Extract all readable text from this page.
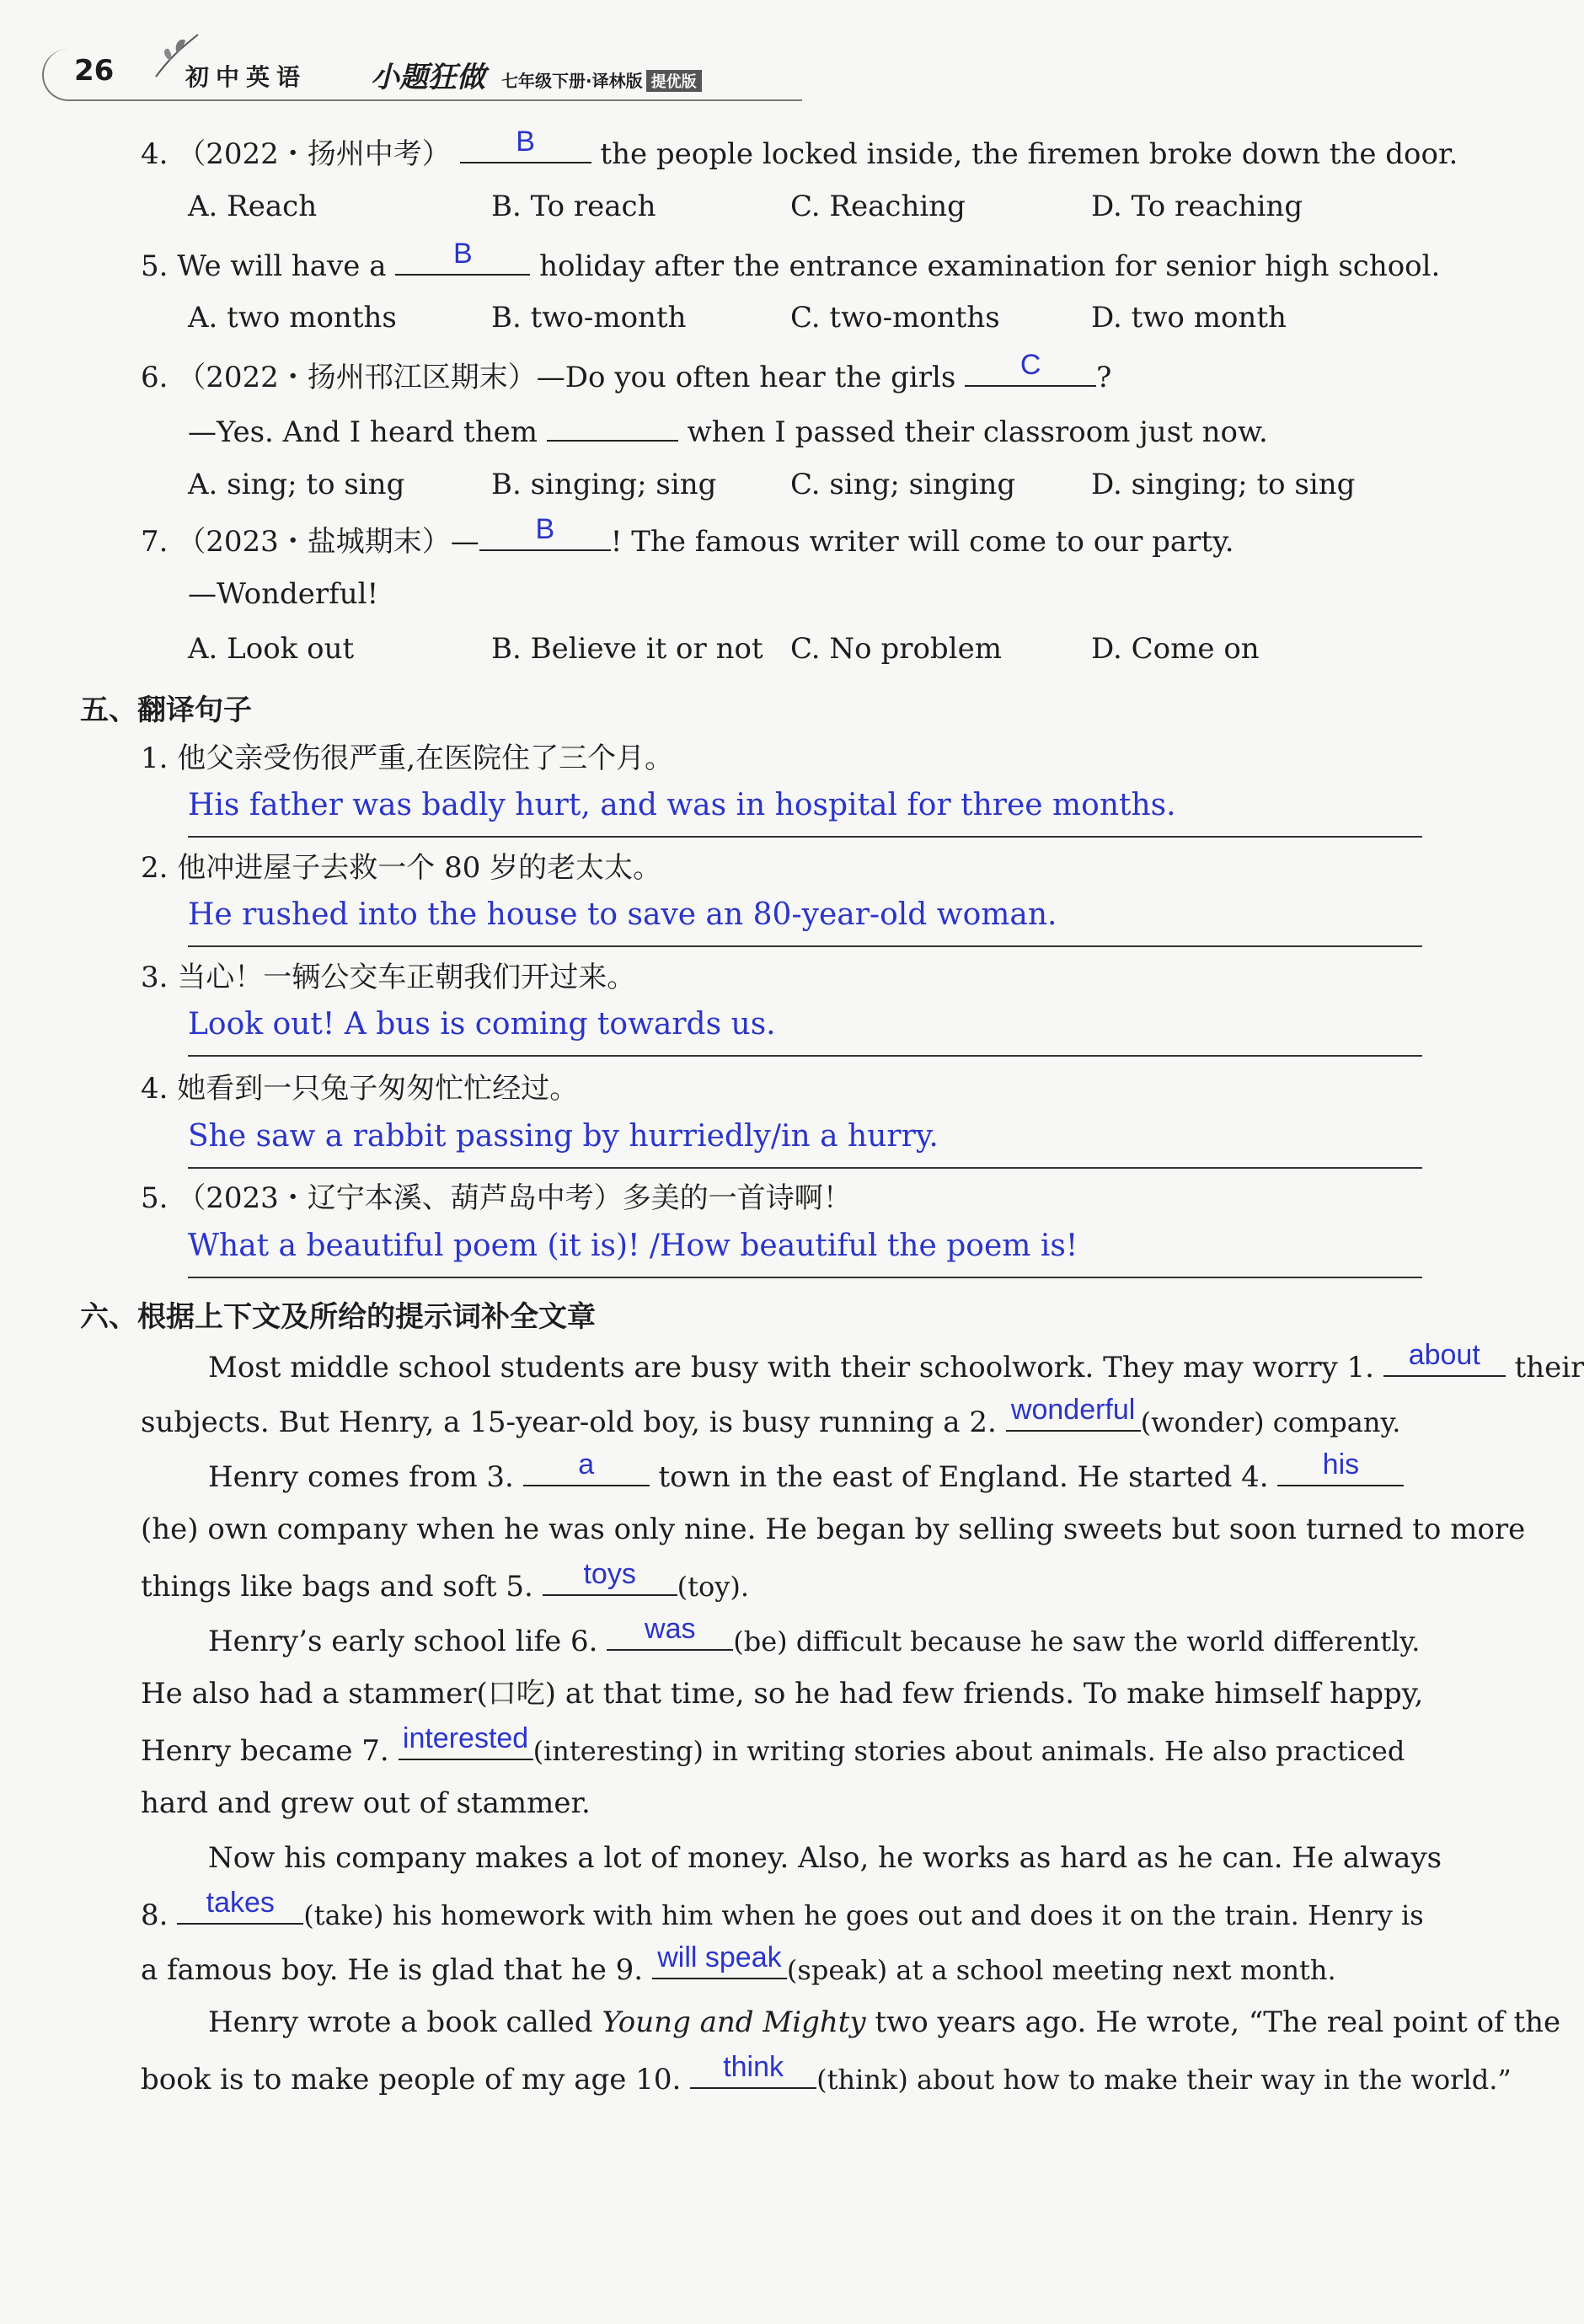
26	初中英语 小题狂做 七年级下册·译林版 提优版
4. （2022・扬州中考）	B	the people locked inside, the firemen broke down the door.
A. Reach	B. To reach	C. Reaching	D. To reaching
5. We will have a	B	holiday after the entrance examination for senior high school.
A. two months	B. two-month	C. two-months	D. two month
6. （2022・扬州邗江区期末）—Do you often hear the girls	C	?
—Yes. And I heard them	when I passed their classroom just now.
A. sing; to sing	B. singing; sing	C. sing; singing	D. singing; to sing
7. （2023・盐城期末）—	B	! The famous writer will come to our party.
—Wonderful!
A. Look out	B. Believe it or not C. No problem	D. Come on
五、翻译句子
1. 他父亲受伤很严重,在医院住了三个月。
His father was badly hurt, and was in hospital for three months.
2. 他冲进屋子去救一个 80 岁的老太太。
He rushed into the house to save an 80-year-old woman.
3. 当心！一辆公交车正朝我们开过来。
Look out! A bus is coming towards us.
4. 她看到一只兔子匆匆忙忙经过。
She saw a rabbit passing by hurriedly/in a hurry.
5. （2023・辽宁本溪、葫芦岛中考）多美的一首诗啊！
What a beautiful poem (it is)! /How beautiful the poem is!
六、根据上下文及所给的提示词补全文章
Most middle school students are busy with their schoolwork. They may worry 1.	about	their
subjects. But Henry, a 15-year-old boy, is busy running a 2. wonderful (wonder) company.
Henry comes from 3.	a	town in the east of England. He started 4.	his
(he) own company when he was only nine. He began by selling sweets but soon turned to more
things like bags and soft 5.	toys	(toy).
Henry’s early school life 6.	was	(be) difficult because he saw the world differently.
He also had a stammer(口吃) at that time, so he had few friends. To make himself happy,
Henry became 7. interested (interesting) in writing stories about animals. He also practiced
hard and grew out of stammer.
Now his company makes a lot of money. Also, he works as hard as he can. He always
8.	takes	(take) his homework with him when he goes out and does it on the train. Henry is
a famous boy. He is glad that he 9. will speak (speak) at a school meeting next month.
Henry wrote a book called Young and Mighty two years ago. He wrote, “The real point of the
book is to make people of my age 10.	think	(think) about how to make their way in the world.”
